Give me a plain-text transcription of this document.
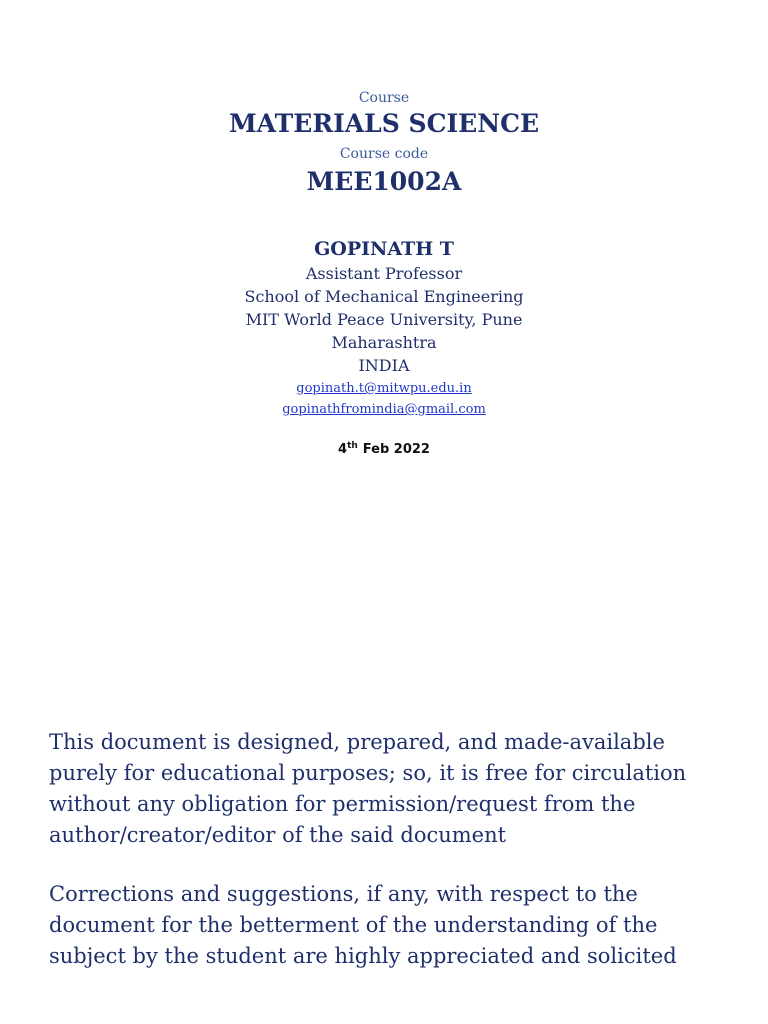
Course
MATERIALS SCIENCE
Course code
MEE1002A
GOPINATH T
Assistant Professor
School of Mechanical Engineering
MIT World Peace University, Pune
Maharashtra
INDIA
gopinath.t@mitwpu.edu.in
gopinathfromindia@gmail.com
4th Feb 2022
This document is designed, prepared, and made-available purely for educational purposes; so, it is free for circulation without any obligation for permission/request from the author/creator/editor of the said document
Corrections and suggestions, if any, with respect to the document for the betterment of the understanding of the subject by the student are highly appreciated and solicited
